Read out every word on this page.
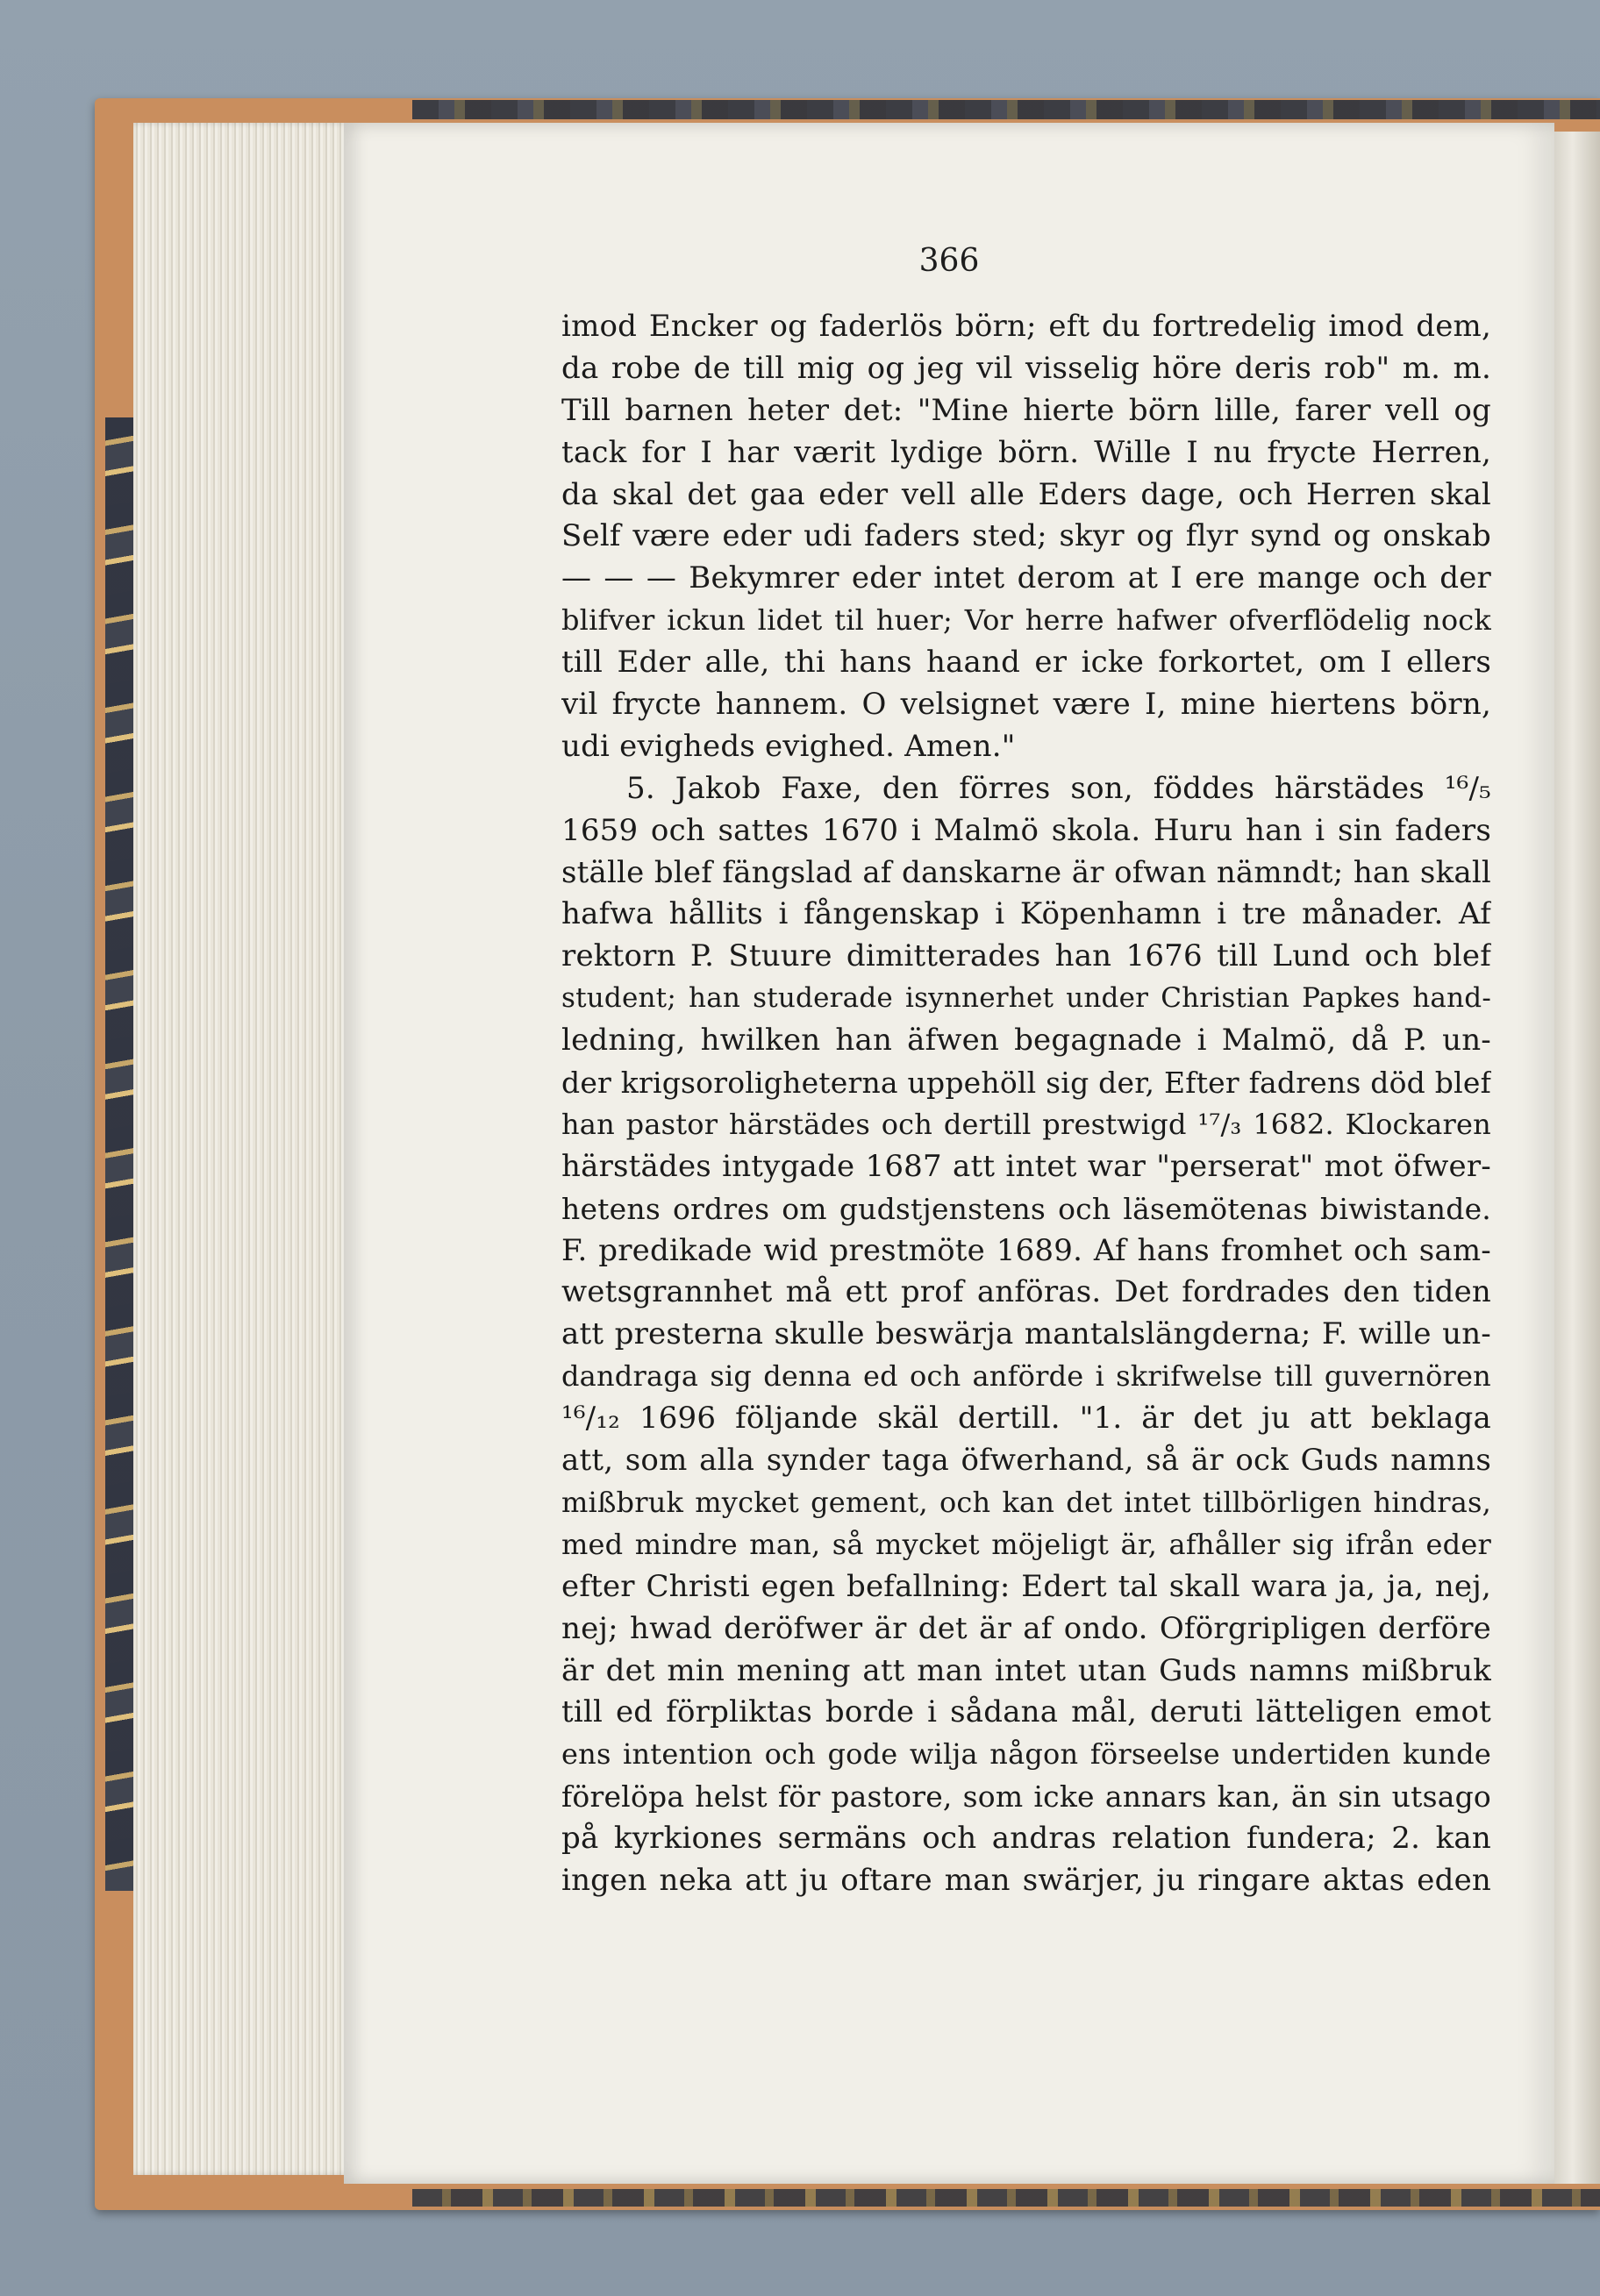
366
imod Encker og faderlös börn; eft du fortredelig imod dem,
da robe de till mig og jeg vil visselig höre deris rob" m. m.
Till barnen heter det: "Mine hierte börn lille, farer vell og
tack for I har værit lydige börn. Wille I nu frycte Herren,
da skal det gaa eder vell alle Eders dage, och Herren skal
Self være eder udi faders sted; skyr og flyr synd og onskab
— — — Bekymrer eder intet derom at I ere mange och der
blifver ickun lidet til huer; Vor herre hafwer ofverflödelig nock
till Eder alle, thi hans haand er icke forkortet, om I ellers
vil frycte hannem. O velsignet være I, mine hiertens börn,
udi evigheds evighed. Amen."
5. Jakob Faxe, den förres son, föddes härstädes ¹⁶/₅
1659 och sattes 1670 i Malmö skola. Huru han i sin faders
ställe blef fängslad af danskarne är ofwan nämndt; han skall
hafwa hållits i fångenskap i Köpenhamn i tre månader. Af
rektorn P. Stuure dimitterades han 1676 till Lund och blef
student; han studerade isynnerhet under Christian Papkes hand-
ledning, hwilken han äfwen begagnade i Malmö, då P. un-
der krigsoroligheterna uppehöll sig der, Efter fadrens död blef
han pastor härstädes och dertill prestwigd ¹⁷/₃ 1682. Klockaren
härstädes intygade 1687 att intet war "perserat" mot öfwer-
hetens ordres om gudstjenstens och läsemötenas biwistande.
F. predikade wid prestmöte 1689. Af hans fromhet och sam-
wetsgrannhet må ett prof anföras. Det fordrades den tiden
att presterna skulle beswärja mantalslängderna; F. wille un-
dandraga sig denna ed och anförde i skrifwelse till guvernören
¹⁶/₁₂ 1696 följande skäl dertill. "1. är det ju att beklaga
att, som alla synder taga öfwerhand, så är ock Guds namns
mißbruk mycket gement, och kan det intet tillbörligen hindras,
med mindre man, så mycket möjeligt är, afhåller sig ifrån eder
efter Christi egen befallning: Edert tal skall wara ja, ja, nej,
nej; hwad deröfwer är det är af ondo. Oförgripligen derföre
är det min mening att man intet utan Guds namns mißbruk
till ed förpliktas borde i sådana mål, deruti lätteligen emot
ens intention och gode wilja någon förseelse undertiden kunde
förelöpa helst för pastore, som icke annars kan, än sin utsago
på kyrkiones sermäns och andras relation fundera; 2. kan
ingen neka att ju oftare man swärjer, ju ringare aktas eden
